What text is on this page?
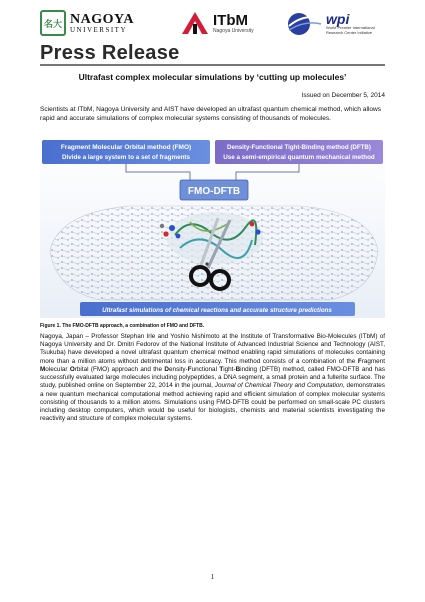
名大 NAGOYA
UNIVERSITY
ITbM
Nagoya University
wpi
World Premier International Research Center Initiative
Press Release
Ultrafast complex molecular simulations by ‘cutting up molecules’
Issued on December 5, 2014
Scientists at ITbM, Nagoya University and AIST have developed an ultrafast quantum chemical method, which allows rapid and accurate simulations of complex molecular systems consisting of thousands of molecules.
Fragment Molecular Orbital method (FMO)
Divide a large system to a set of fragments
Density-Functional Tight-Binding method (DFTB)
Use a semi-empirical quantum mechanical method
FMO-DFTB
Ultrafast simulations of chemical reactions and accurate structure predictions
Figure 1. The FMO-DFTB approach, a combination of FMO and DFTB.
Nagoya, Japan – Professor Stephan Irle and Yoshio Nishimoto at the Institute of Transformative Bio-Molecules (ITbM) of Nagoya University and Dr. Dmitri Fedorov of the National Institute of Advanced Industrial Science and Technology (AIST, Tsukuba) have developed a novel ultrafast quantum chemical method enabling rapid simulations of molecules containing more than a million atoms without detrimental loss in accuracy. This method consists of a combination of the Fragment Molecular Orbital (FMO) approach and the Density-Functional Tight-Binding (DFTB) method, called FMO-DFTB and has successfully evaluated large molecules including polypeptides, a DNA segment, a small protein and a fullerite surface. The study, published online on September 22, 2014 in the journal, Journal of Chemical Theory and Computation, demonstrates a new quantum mechanical computational method achieving rapid and efficient simulation of complex molecular systems consisting of thousands to a million atoms. Simulations using FMO-DFTB could be performed on small-scale PC clusters including desktop computers, which would be useful for biologists, chemists and material scientists investigating the reactivity and structure of complex molecular systems.
1
